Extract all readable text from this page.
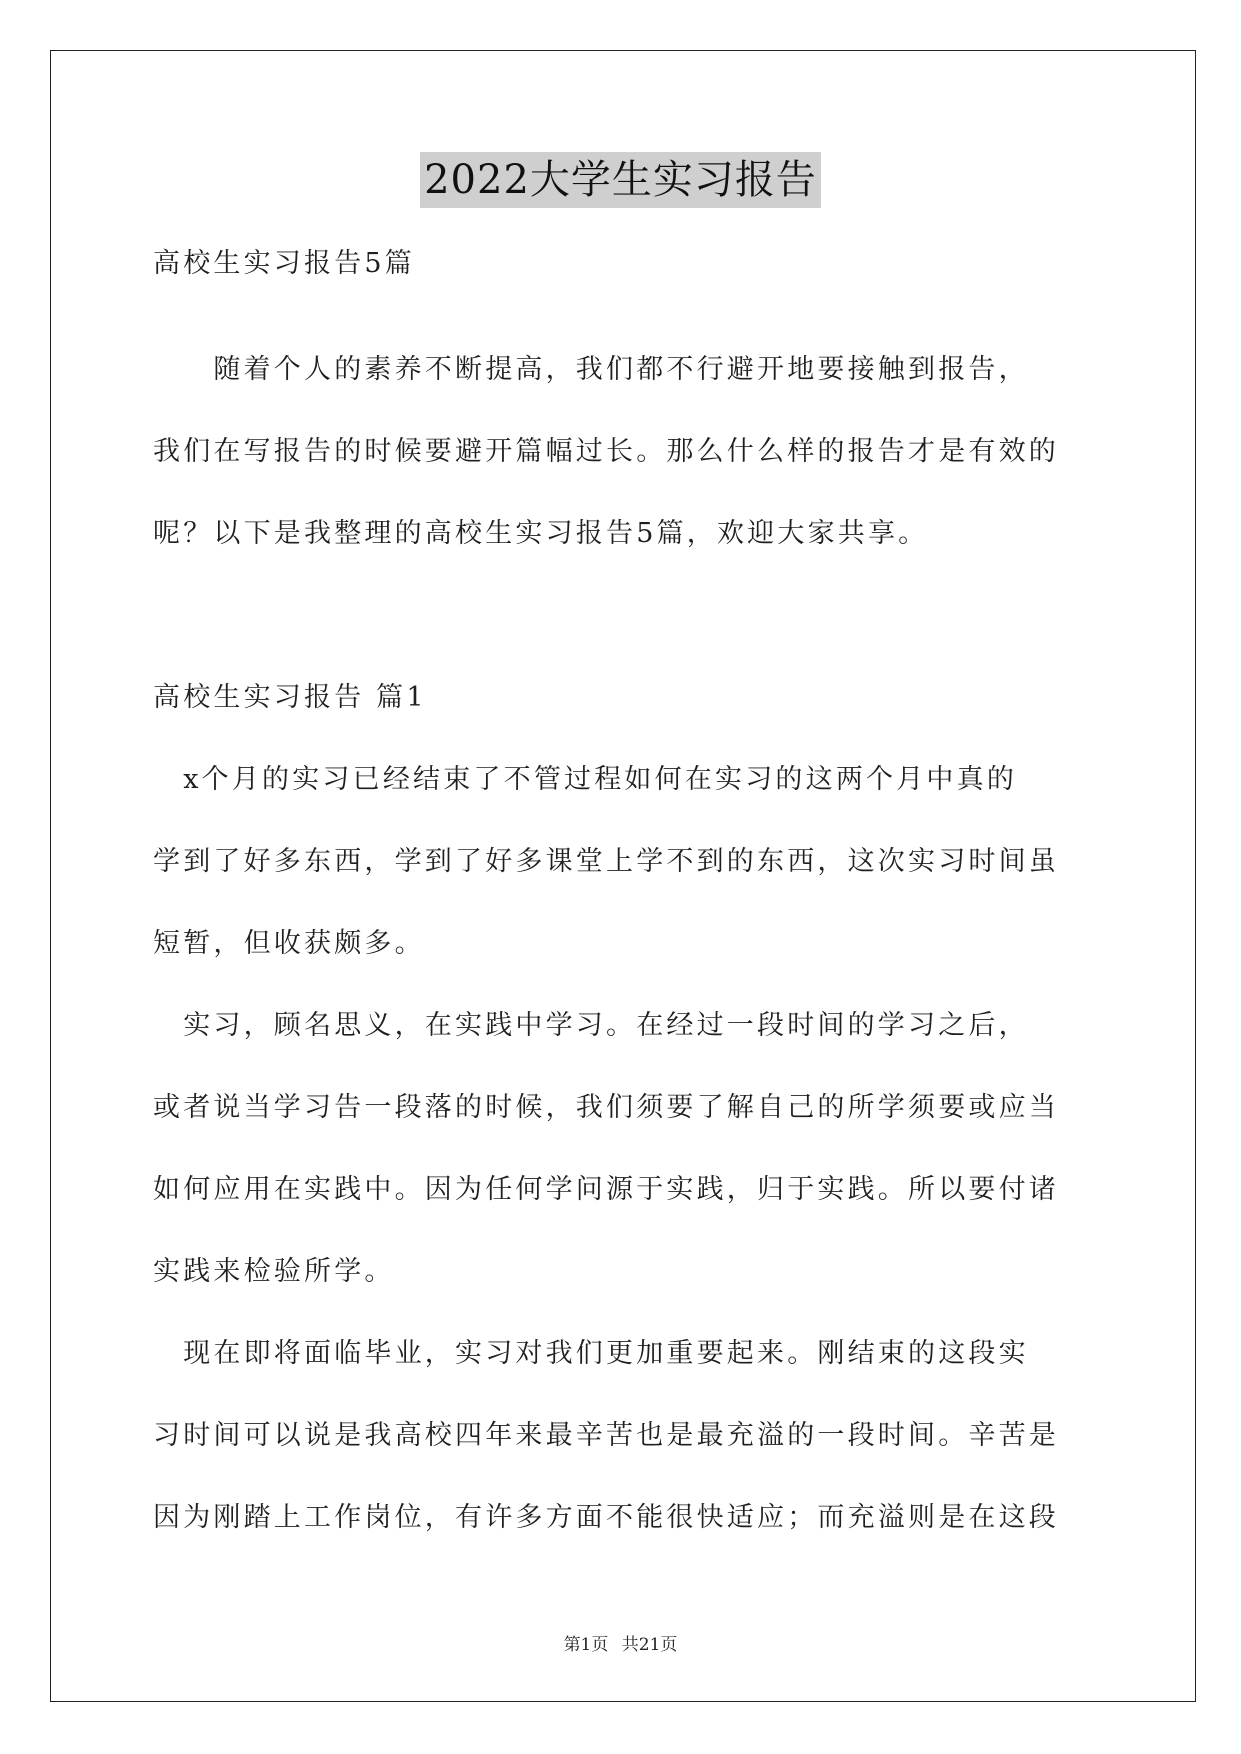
2022大学生实习报告
高校生实习报告5篇
　　随着个人的素养不断提高，我们都不行避开地要接触到报告，
我们在写报告的时候要避开篇幅过长。那么什么样的报告才是有效的
呢？以下是我整理的高校生实习报告5篇，欢迎大家共享。
高校生实习报告 篇1
　x个月的实习已经结束了不管过程如何在实习的这两个月中真的
学到了好多东西，学到了好多课堂上学不到的东西，这次实习时间虽
短暂，但收获颇多。
　实习，顾名思义，在实践中学习。在经过一段时间的学习之后，
或者说当学习告一段落的时候，我们须要了解自己的所学须要或应当
如何应用在实践中。因为任何学问源于实践，归于实践。所以要付诸
实践来检验所学。
　现在即将面临毕业，实习对我们更加重要起来。刚结束的这段实
习时间可以说是我高校四年来最辛苦也是最充溢的一段时间。辛苦是
因为刚踏上工作岗位，有许多方面不能很快适应；而充溢则是在这段
第1页 共21页
